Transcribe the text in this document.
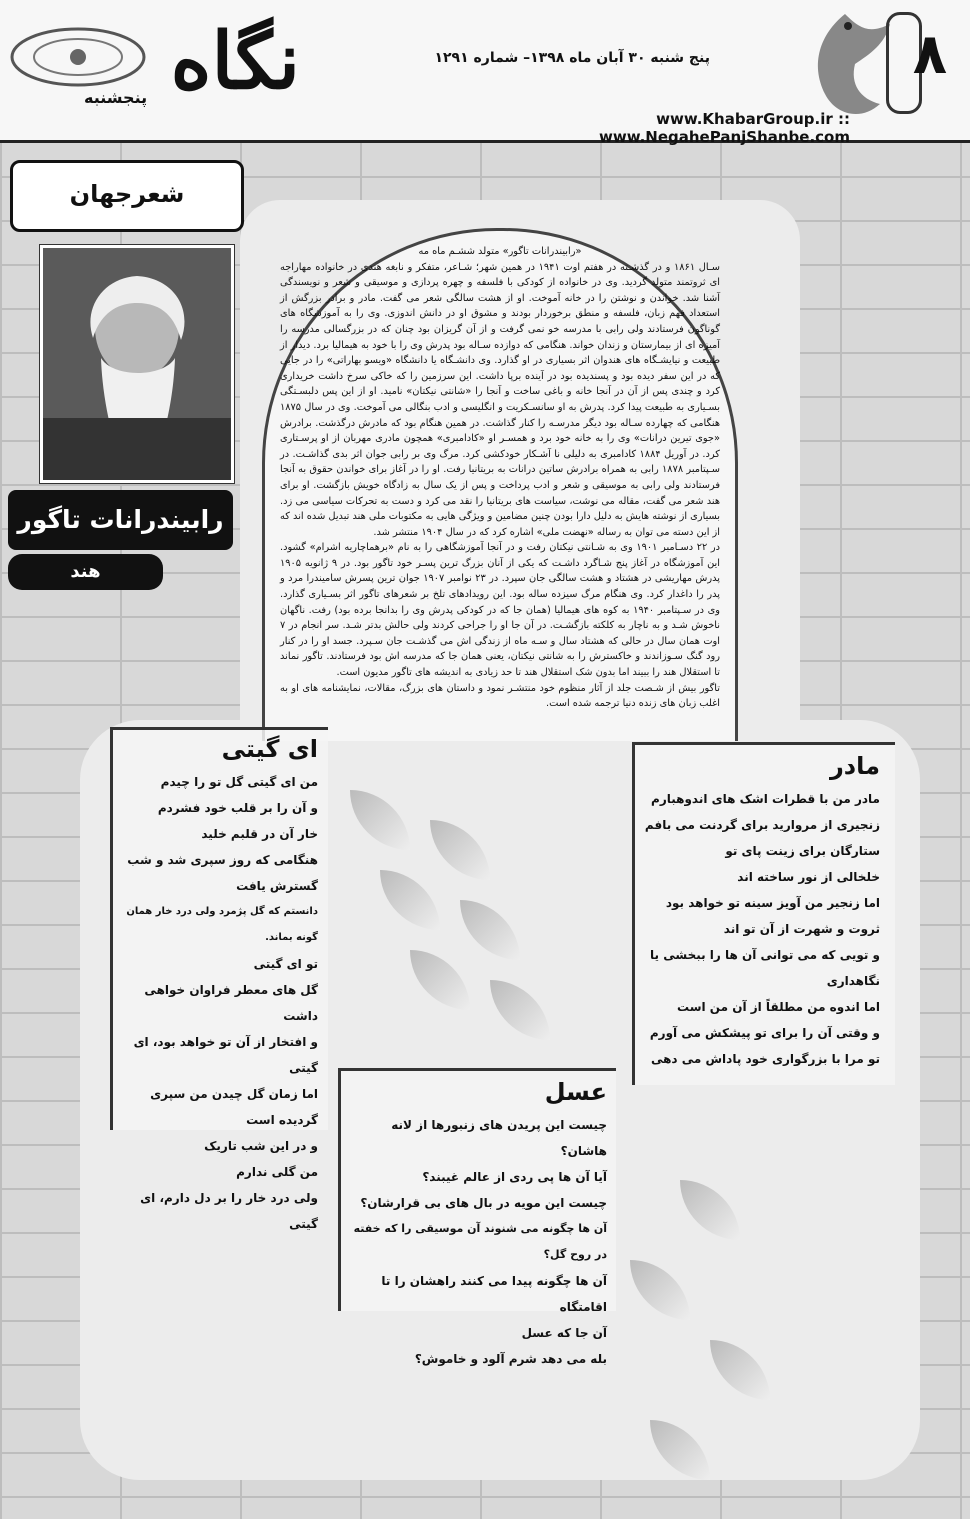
نگاه
پنجشنبه
پنج شنبه ۳۰ آبان ماه ۱۳۹۸– شماره ۱۲۹۱
www.KhabarGroup.ir :: www.NegahePanjShanbe.com
۸
شعرجهان
رابیندرانات تاگور
هند

«رابیندرانات تاگور» متولد ششـم ماه مه

سـال ۱۸۶۱ و در گذشـته در هفتم اوت ۱۹۴۱ در همین شهر؛ شـاعر، متفکر و نابغه هندی در خانواده مهاراجه ای ثروتمند متولد گردید. وی در خانواده از کودکی با فلسفه و چهره پردازی و موسیقی و شعر و نویسندگی آشنا شد. خواندن و نوشتن را در خانه آموخت. او از هشت سالگی شعر می گفت. مادر و برادر بزرگش از استعداد فهم زبان، فلسفه و منطق برخوردار بودند و مشوق او در دانش اندوزی. وی را به آموزشگاه های گوناگون فرستادند ولی رابی با مدرسه خو نمی گرفت و از آن گریزان بود چنان که در بزرگسالی مدرسه را آمیزه ای از بیمارستان و زندان خواند. هنگامی که دوازده سـاله بود پدرش وی را با خود به هیمالیا برد. دیدار از طبیعت و نیایشـگاه های هندوان اثر بسیاری در او گذارد. وی دانشـگاه یا دانشگاه «ویسو بهاراتی» را در جایی که در این سفر دیده بود و پسندیده بود در آینده برپا داشت. این سرزمین را که خاکی سرخ داشت خریداری کرد و چندی پس از آن در آنجا خانه و باغی ساخت و آنجا را «شانتی نیکتان» نامید. او از این پس دلبسـتگی بسـیاری به طبیعت پیدا کرد. پدرش به او سانسـکریت و انگلیسی و ادب بنگالی می آموخت. وی در سال ۱۸۷۵ هنگامی که چهارده سـاله بود دیگر مدرسـه را کنار گذاشت. در همین هنگام بود که مادرش درگذشت. برادرش «جوی تیرین درانات» وی را به خانه خود برد و همسـر او «کادامبری» همچون مادری مهربان از او پرسـتاری کرد. در آوریل ۱۸۸۴ کادامبری به دلیلی نا آشـکار خودکشی کرد. مرگ وی بر رابی جوان اثر بدی گذاشـت. در سـپتامبر ۱۸۷۸ رابی به همراه برادرش ساتین درانات به بریتانیا رفت. او را در آغاز برای خواندن حقوق به آنجا فرستادند ولی رابی به موسیقی و شعر و ادب پرداخت و پس از یک سال به زادگاه خویش بازگشت. او برای هند شعر می گفت، مقاله می نوشت، سیاست های بریتانیا را نقد می کرد و دست به تحرکات سیاسی می زد. بسیاری از نوشته هایش به دلیل دارا بودن چنین مضامین و ویژگی هایی به مکتوبات ملی هند تبدیل شده اند که از این دسته می توان به رساله «نهضت ملی» اشاره کرد که در سال ۱۹۰۴ منتشر شد.

در ۲۲ دسـامبر ۱۹۰۱ وی به شـانتی نیکتان رفت و در آنجا آموزشگاهی را به نام «برهماچاریه اشرام» گشود. این آموزشگاه در آغاز پنج شـاگرد داشـت که یکی از آنان بزرگ ترین پسـر خود تاگور بود. در ۹ ژانویه ۱۹۰۵ پدرش مهاریشی در هشتاد و هشت سالگی جان سپرد. در ۲۳ نوامبر ۱۹۰۷ جوان ترین پسرش ساميندرا مرد و پدر را داغدار کرد. وی هنگام مرگ سیزده ساله بود. این رویدادهای تلخ بر شعرهای تاگور اثر بسـیاری گذارد. وی در سـپتامبر ۱۹۴۰ به کوه های هیمالیا (همان جا که در کودکی پدرش وی را بدانجا برده بود) رفت. ناگهان ناخوش شـد و به ناچار به کلکته بازگشـت. در آن جا او را جراحی کردند ولی حالش بدتر شـد. سر انجام در ۷ اوت همان سال در حالی که هشتاد سال و سـه ماه از زندگی اش می گذشـت جان سـپرد. جسد او را در کنار رود گنگ سـوزاندند و خاکسترش را به شانتی نیکتان، یعنی همان جا که مدرسه اش بود فرستادند. تاگور نماند تا استقلال هند را ببیند اما بدون شک استقلال هند تا حد زیادی به اندیشه های تاگور مدیون است.

تاگور بیش از شـصت جلد از آثار منظوم خود منتشـر نمود و داستان های بزرگ، مقالات، نمایشنامه های او به اغلب زبان های زنده دنیا ترجمه شده است.

ای گیتی
من ای گیتی گل تو را چیدم
و آن را بر قلب خود فشردم
خار آن در قلبم خلید
هنگامی که روز سپری شد و شب گسترش یافت
دانستم که گل پژمرد ولی درد خار همان گونه بماند.
تو ای گیتی
گل های معطر فراوان خواهی داشت
و افتخار از آن تو خواهد بود، ای گیتی
اما زمان گل چیدن من سپری گردیده است
و در این شب تاریک
من گلی ندارم
ولی درد خار را بر دل دارم، ای گیتی
مادر
مادر من با قطرات اشک های اندوهبارم
زنجیری از مروارید برای گردنت می بافم
ستارگان برای زینت پای تو
خلخالی از نور ساخته اند
اما زنجیر من آویز سینه تو خواهد بود
ثروت و شهرت از آن تو اند
و تویی که می توانی آن ها را ببخشی یا نگاهداری
اما اندوه من مطلقاً از آن من است
و وقتی آن را برای تو پیشکش می آورم
تو مرا با بزرگواری خود پاداش می دهی
عسل
چیست این پریدن های زنبورها از لانه هاشان؟
آیا آن ها پی ردی از عالم غیبند؟
چیست این مویه در بال های بی قرارشان؟
آن ها چگونه می شنوند آن موسیقی را که خفته در روح گل؟
آن ها چگونه پیدا می کنند راهشان را تا اقامتگاه
آن جا که عسل
بله می دهد شرم آلود و خاموش؟
